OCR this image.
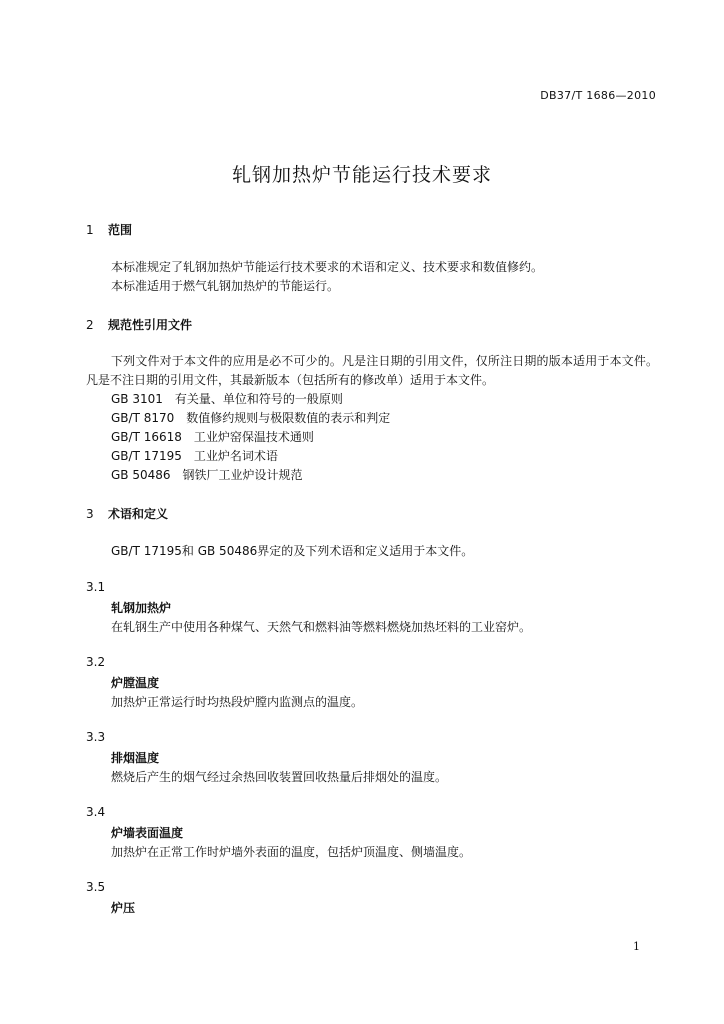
DB37/T 1686—2010
轧钢加热炉节能运行技术要求
1 范围
本标准规定了轧钢加热炉节能运行技术要求的术语和定义、技术要求和数值修约。
本标准适用于燃气轧钢加热炉的节能运行。
2 规范性引用文件
下列文件对于本文件的应用是必不可少的。凡是注日期的引用文件，仅所注日期的版本适用于本文件。凡是不注日期的引用文件，其最新版本（包括所有的修改单）适用于本文件。
GB 3101　有关量、单位和符号的一般原则
GB/T 8170　数值修约规则与极限数值的表示和判定
GB/T 16618　工业炉窑保温技术通则
GB/T 17195　工业炉名词术语
GB 50486　钢铁厂工业炉设计规范
3 术语和定义
GB/T 17195和 GB 50486界定的及下列术语和定义适用于本文件。
3.1
轧钢加热炉
在轧钢生产中使用各种煤气、天然气和燃料油等燃料燃烧加热坯料的工业窑炉。
3.2
炉膛温度
加热炉正常运行时均热段炉膛内监测点的温度。
3.3
排烟温度
燃烧后产生的烟气经过余热回收装置回收热量后排烟处的温度。
3.4
炉墙表面温度
加热炉在正常工作时炉墙外表面的温度，包括炉顶温度、侧墙温度。
3.5
炉压
1
